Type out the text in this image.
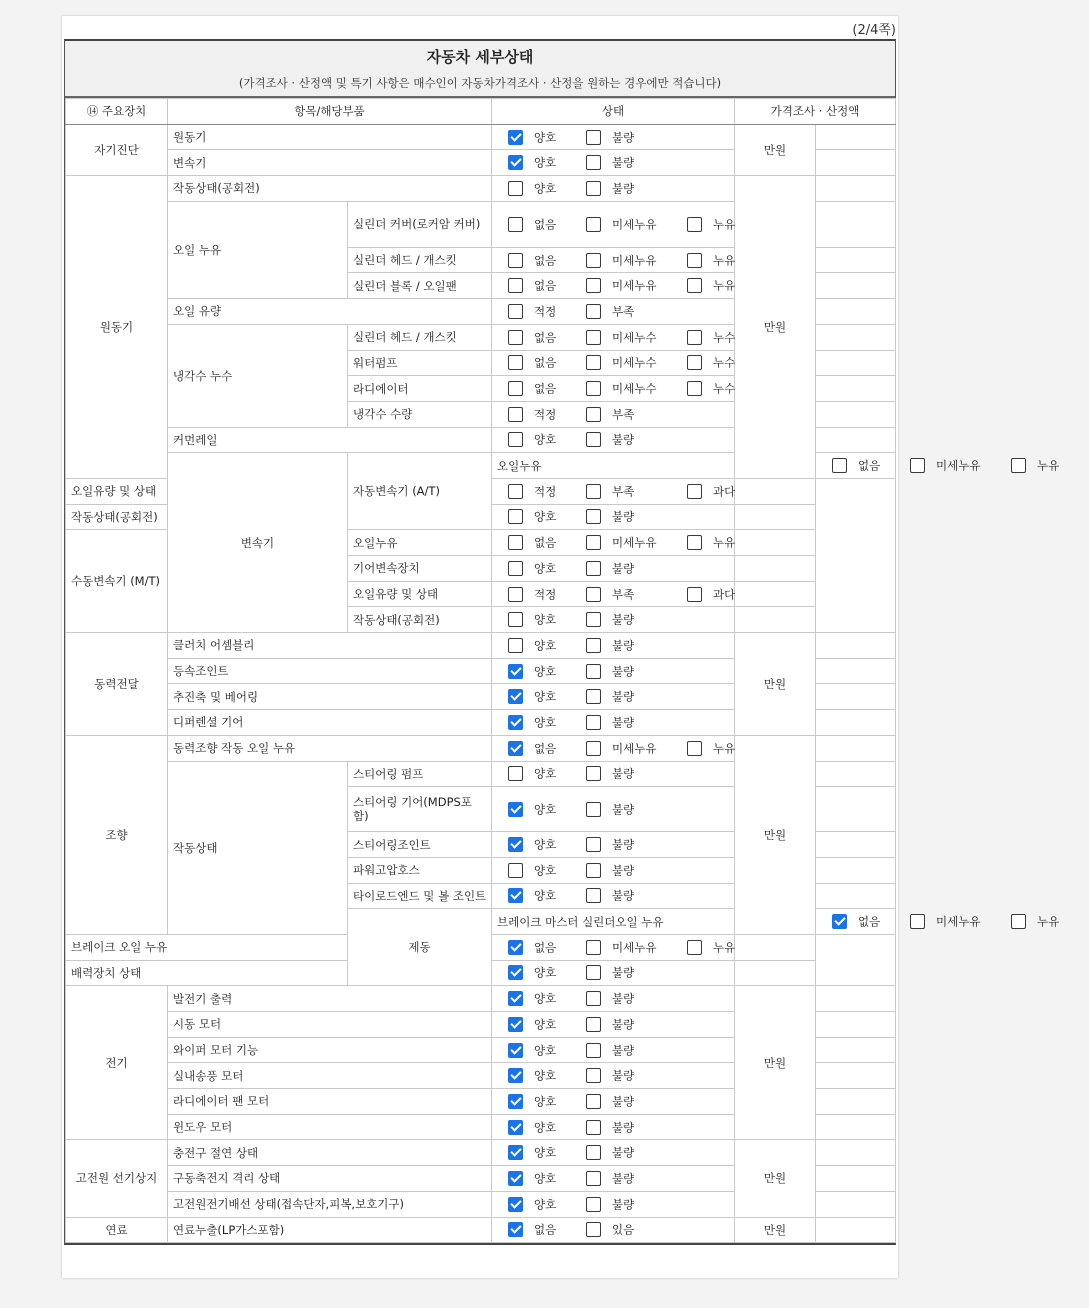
(2/4쪽)
자동차 세부상태
(가격조사 · 산정액 및 특기 사항은 매수인이 자동차가격조사 · 산정을 원하는 경우에만 적습니다)
⑭ 주요장치	항목/해당부품		상태	가격조사 · 산정액		
자기진단	원동기		양호 불량	만원		
	변속기		양호 불량			
원동기	작동상태(공회전)		양호 불량	만원		
	오일 누유	실린더 커버(로커암 커버)	없음 미세누유 누유			
		실린더 헤드 / 개스킷	없음 미세누유 누유			
		실린더 블록 / 오일팬	없음 미세누유 누유			
	오일 유량		적정 부족			
	냉각수 누수	실린더 헤드 / 개스킷	없음 미세누수 누수			
		워터펌프	없음 미세누수 누수			
		라디에이터	없음 미세누수 누수			
		냉각수 수량	적정 부족			
	커먼레일		양호 불량			
	변속기	자동변속기 (A/T)	오일누유		없음 미세누유 누유		
오일유량 및 상태			적정 부족 과다			
작동상태(공회전)			양호 불량			
수동변속기 (M/T)		오일누유	없음 미세누유 누유			
		기어변속장치	양호 불량			
		오일유량 및 상태	적정 부족 과다			
		작동상태(공회전)	양호 불량			
동력전달	클러치 어셈블리		양호 불량	만원		
	등속조인트		양호 불량			
	추진축 및 베어링		양호 불량			
	디퍼렌셜 기어		양호 불량			
조향	동력조향 작동 오일 누유		없음 미세누유 누유	만원		
	작동상태	스티어링 펌프	양호 불량			
		스티어링 기어(MDPS포함)	양호 불량			
		스티어링조인트	양호 불량			
		파워고압호스	양호 불량			
		타이로드엔드 및 볼 조인트	양호 불량			
		제동	브레이크 마스터 실린더오일 누유		없음 미세누유 누유		
브레이크 오일 누유			없음 미세누유 누유			
배력장치 상태			양호 불량			
전기	발전기 출력		양호 불량	만원		
	시동 모터		양호 불량			
	와이퍼 모터 기능		양호 불량			
	실내송풍 모터		양호 불량			
	라디에이터 팬 모터		양호 불량			
	윈도우 모터		양호 불량			
고전원 선기상지	충전구 절연 상태		양호 불량	만원		
	구동축전지 격리 상태		양호 불량			
	고전원전기배선 상태(접속단자,피복,보호기구)		양호 불량			
연료	연료누출(LP가스포함)		없음 있음	만원		
